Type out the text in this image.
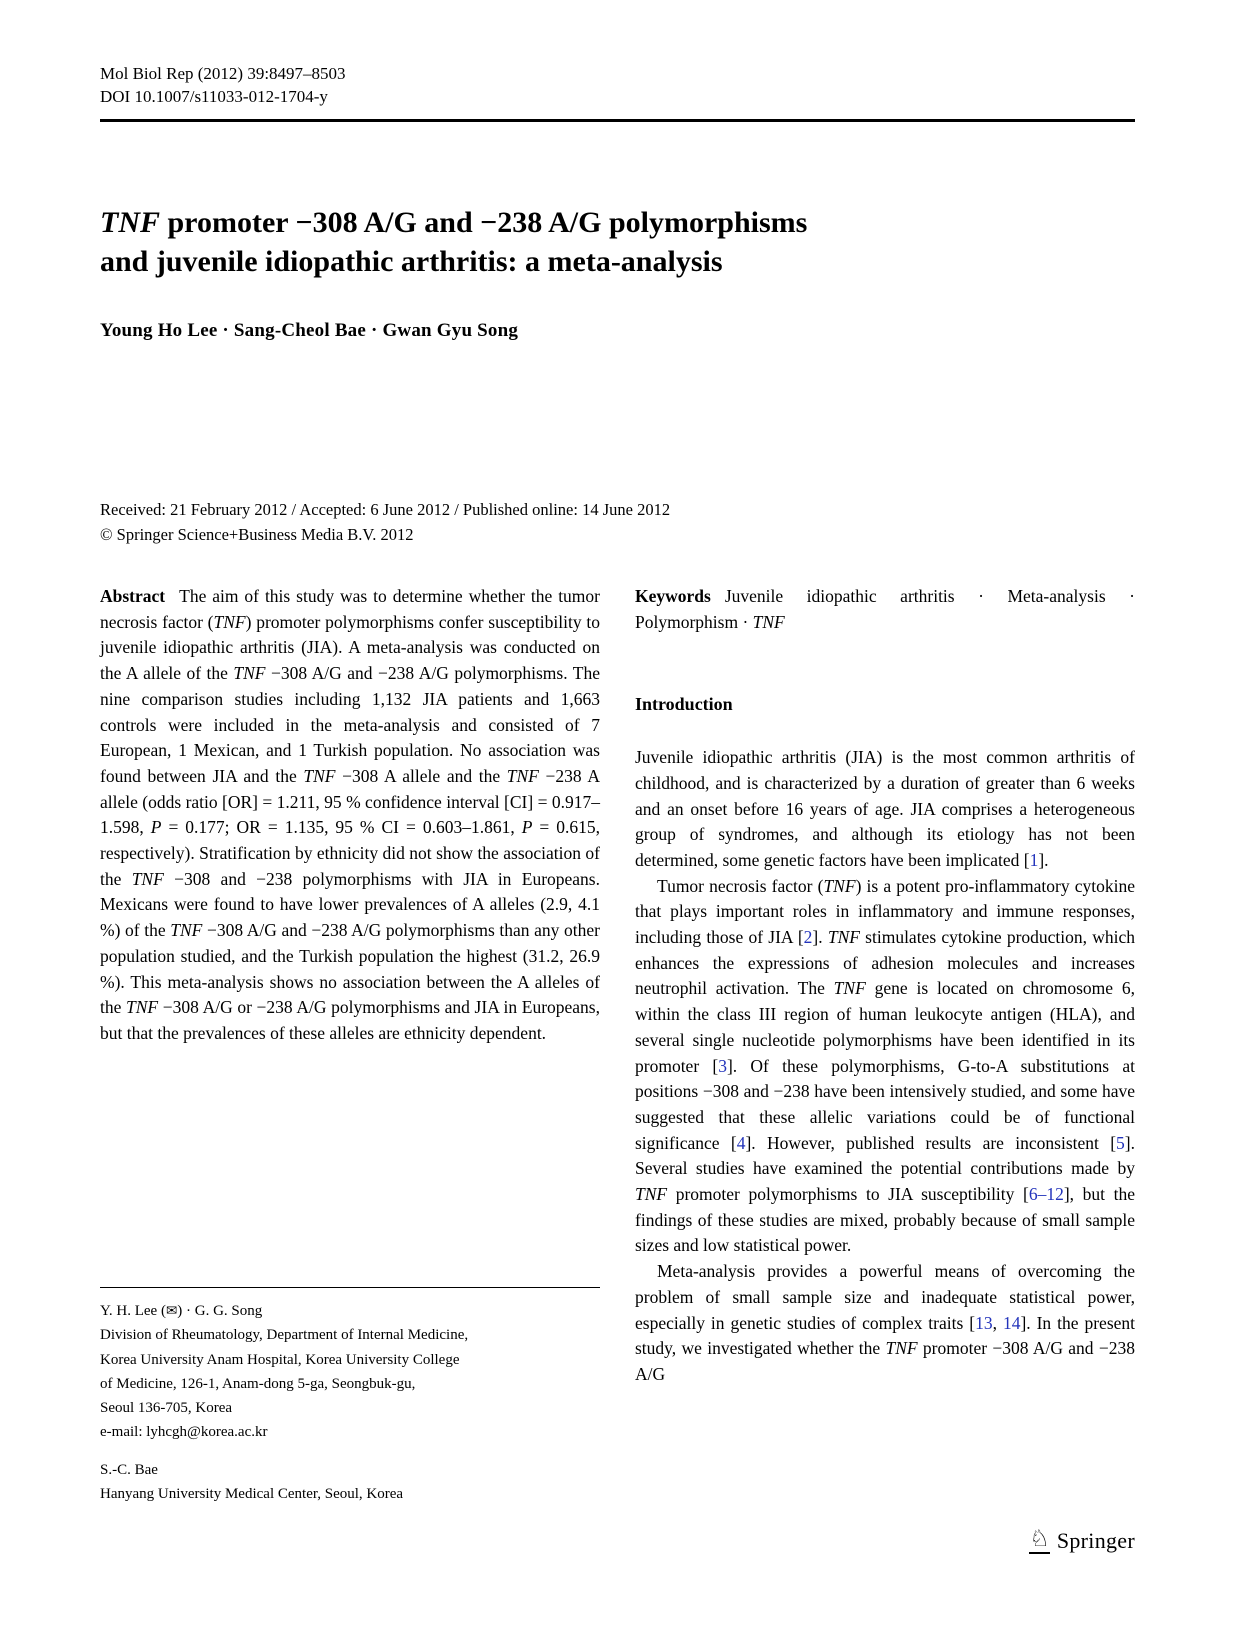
Mol Biol Rep (2012) 39:8497–8503
DOI 10.1007/s11033-012-1704-y
TNF promoter −308 A/G and −238 A/G polymorphisms
and juvenile idiopathic arthritis: a meta-analysis
Young Ho Lee · Sang-Cheol Bae · Gwan Gyu Song
Received: 21 February 2012 / Accepted: 6 June 2012 / Published online: 14 June 2012
© Springer Science+Business Media B.V. 2012

Abstract The aim of this study was to determine whether the tumor necrosis factor (TNF) promoter polymorphisms confer susceptibility to juvenile idiopathic arthritis (JIA). A meta-analysis was conducted on the A allele of the TNF −308 A/G and −238 A/G polymorphisms. The nine comparison studies including 1,132 JIA patients and 1,663 controls were included in the meta-analysis and consisted of 7 European, 1 Mexican, and 1 Turkish population. No association was found between JIA and the TNF −308 A allele and the TNF −238 A allele (odds ratio [OR] = 1.211, 95 % confidence interval [CI] = 0.917–1.598, P = 0.177; OR = 1.135, 95 % CI = 0.603–1.861, P = 0.615, respectively). Stratification by ethnicity did not show the association of the TNF −308 and −238 polymorphisms with JIA in Europeans. Mexicans were found to have lower prevalences of A alleles (2.9, 4.1 %) of the TNF −308 A/G and −238 A/G polymorphisms than any other population studied, and the Turkish population the highest (31.2, 26.9 %). This meta-analysis shows no association between the A alleles of the TNF −308 A/G or −238 A/G polymorphisms and JIA in Europeans, but that the prevalences of these alleles are ethnicity dependent.

Keywords Juvenile idiopathic arthritis · Meta-analysis · Polymorphism · TNF

Introduction

Juvenile idiopathic arthritis (JIA) is the most common arthritis of childhood, and is characterized by a duration of greater than 6 weeks and an onset before 16 years of age. JIA comprises a heterogeneous group of syndromes, and although its etiology has not been determined, some genetic factors have been implicated [1].

Tumor necrosis factor (TNF) is a potent pro-inflammatory cytokine that plays important roles in inflammatory and immune responses, including those of JIA [2]. TNF stimulates cytokine production, which enhances the expressions of adhesion molecules and increases neutrophil activation. The TNF gene is located on chromosome 6, within the class III region of human leukocyte antigen (HLA), and several single nucleotide polymorphisms have been identified in its promoter [3]. Of these polymorphisms, G-to-A substitutions at positions −308 and −238 have been intensively studied, and some have suggested that these allelic variations could be of functional significance [4]. However, published results are inconsistent [5]. Several studies have examined the potential contributions made by TNF promoter polymorphisms to JIA susceptibility [6–12], but the findings of these studies are mixed, probably because of small sample sizes and low statistical power.

Meta-analysis provides a powerful means of overcoming the problem of small sample size and inadequate statistical power, especially in genetic studies of complex traits [13, 14]. In the present study, we investigated whether the TNF promoter −308 A/G and −238 A/G

Y. H. Lee (✉) · G. G. Song
Division of Rheumatology, Department of Internal Medicine,
Korea University Anam Hospital, Korea University College
of Medicine, 126-1, Anam-dong 5-ga, Seongbuk-gu,
Seoul 136-705, Korea
e-mail: lyhcgh@korea.ac.kr
S.-C. Bae
Hanyang University Medical Center, Seoul, Korea
♘ Springer
